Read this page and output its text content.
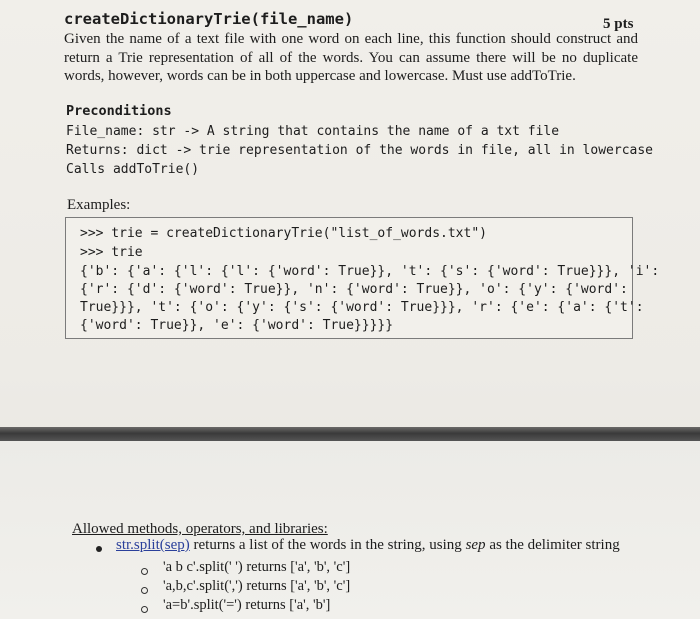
createDictionaryTrie(file_name)	5 pts
Given the name of a text file with one word on each line, this function should construct and return a Trie representation of all of the words. You can assume there will be no duplicate words, however, words can be in both uppercase and lowercase. Must use addToTrie.
Preconditions
File_name: str -> A string that contains the name of a txt file
Returns: dict -> trie representation of the words in file, all in lowercase
Calls addToTrie()
Examples:
>>> trie = createDictionaryTrie("list_of_words.txt")
>>> trie
{'b': {'a': {'l': {'l': {'word': True}}, 't': {'s': {'word': True}}}, 'i':
{'r': {'d': {'word': True}}, 'n': {'word': True}}, 'o': {'y': {'word':
True}}}, 't': {'o': {'y': {'s': {'word': True}}}, 'r': {'e': {'a': {'t':
{'word': True}}, 'e': {'word': True}}}}}
Allowed methods, operators, and libraries:
str.split(sep) returns a list of the words in the string, using sep as the delimiter string
'a b c'.split(' ') returns ['a', 'b', 'c']
'a,b,c'.split(',') returns ['a', 'b', 'c']
'a=b'.split('=') returns ['a', 'b']
